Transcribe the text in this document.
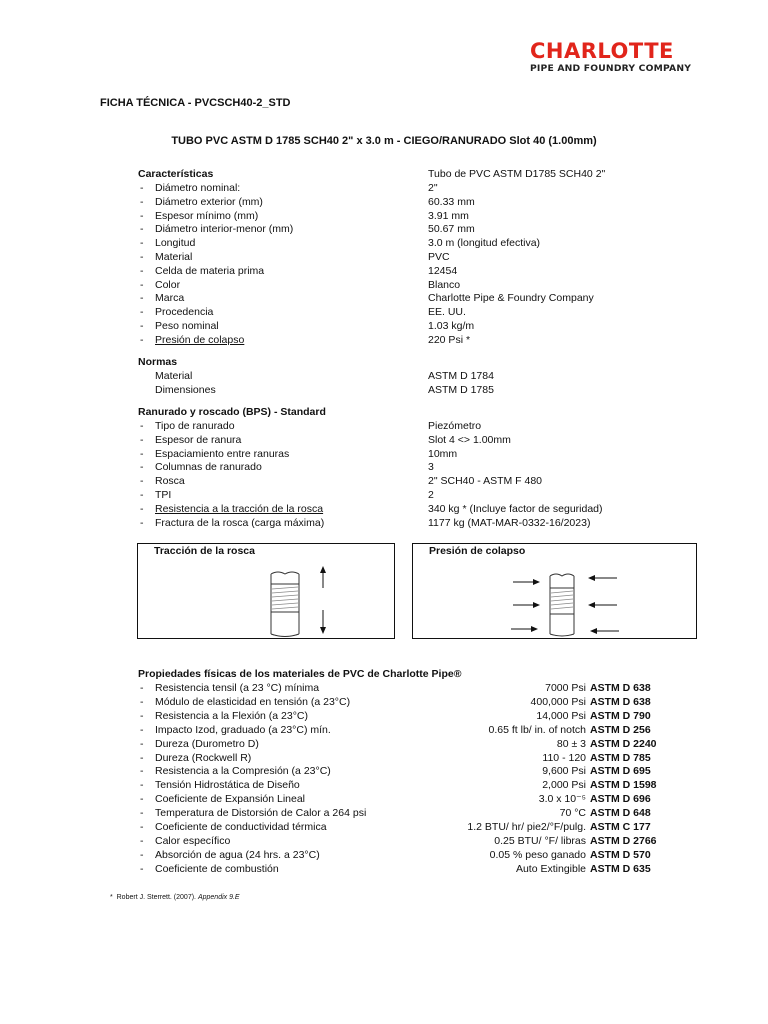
CHARLOTTE
PIPE AND FOUNDRY COMPANY
FICHA TÉCNICA - PVCSCH40-2_STD
TUBO PVC ASTM D 1785 SCH40 2" x 3.0 m - CIEGO/RANURADO Slot 40 (1.00mm)
Características	Tubo de PVC ASTM D1785 SCH40 2"
- Diámetro nominal:	2"
- Diámetro exterior (mm)	60.33 mm
- Espesor mínimo (mm)	3.91 mm
- Diámetro interior-menor (mm)	50.67 mm
- Longitud	3.0 m (longitud efectiva)
- Material	PVC
- Celda de materia prima	12454
- Color	Blanco
- Marca	Charlotte Pipe & Foundry Company
- Procedencia	EE. UU.
- Peso nominal	1.03 kg/m
- Presión de colapso	220 Psi *
Normas
Material	ASTM D 1784
Dimensiones	ASTM D 1785
Ranurado y roscado (BPS) - Standard
- Tipo de ranurado	Piezómetro
- Espesor de ranura	Slot 4 <> 1.00mm
- Espaciamiento entre ranuras	10mm
- Columnas de ranurado	3
- Rosca	2" SCH40 - ASTM F 480
- TPI	2
- Resistencia a la tracción de la rosca	340 kg * (Incluye factor de seguridad)
- Fractura de la rosca (carga máxima)	1177 kg (MAT-MAR-0332-16/2023)
Tracción de la rosca	Presión de colapso
Propiedades físicas de los materiales de PVC de Charlotte Pipe®
- Resistencia tensil (a 23 °C) mínima	7000 Psi ASTM D 638
- Módulo de elasticidad en tensión (a 23°C)	400,000 Psi ASTM D 638
- Resistencia a la Flexión (a 23°C)	14,000 Psi ASTM D 790
- Impacto Izod, graduado (a 23°C) mín.	0.65 ft lb/ in. of notch ASTM D 256
- Dureza (Durometro D)	80 ± 3 ASTM D 2240
- Dureza (Rockwell R)	110 - 120 ASTM D 785
- Resistencia a la Compresión (a 23°C)	9,600 Psi ASTM D 695
- Tensión Hidrostática de Diseño	2,000 Psi ASTM D 1598
- Coeficiente de Expansión Lineal	3.0 x 10⁻⁵ ASTM D 696
- Temperatura de Distorsión de Calor a 264 psi	70 °C ASTM D 648
- Coeficiente de conductividad térmica	1.2 BTU/ hr/ pie2/°F/pulg. ASTM C 177
- Calor específico	0.25 BTU/ °F/ libras ASTM D 2766
- Absorción de agua (24 hrs. a 23°C)	0.05 % peso ganado ASTM D 570
- Coeficiente de combustión	Auto Extingible ASTM D 635
* Robert J. Sterrett. (2007). Appendix 9.E
